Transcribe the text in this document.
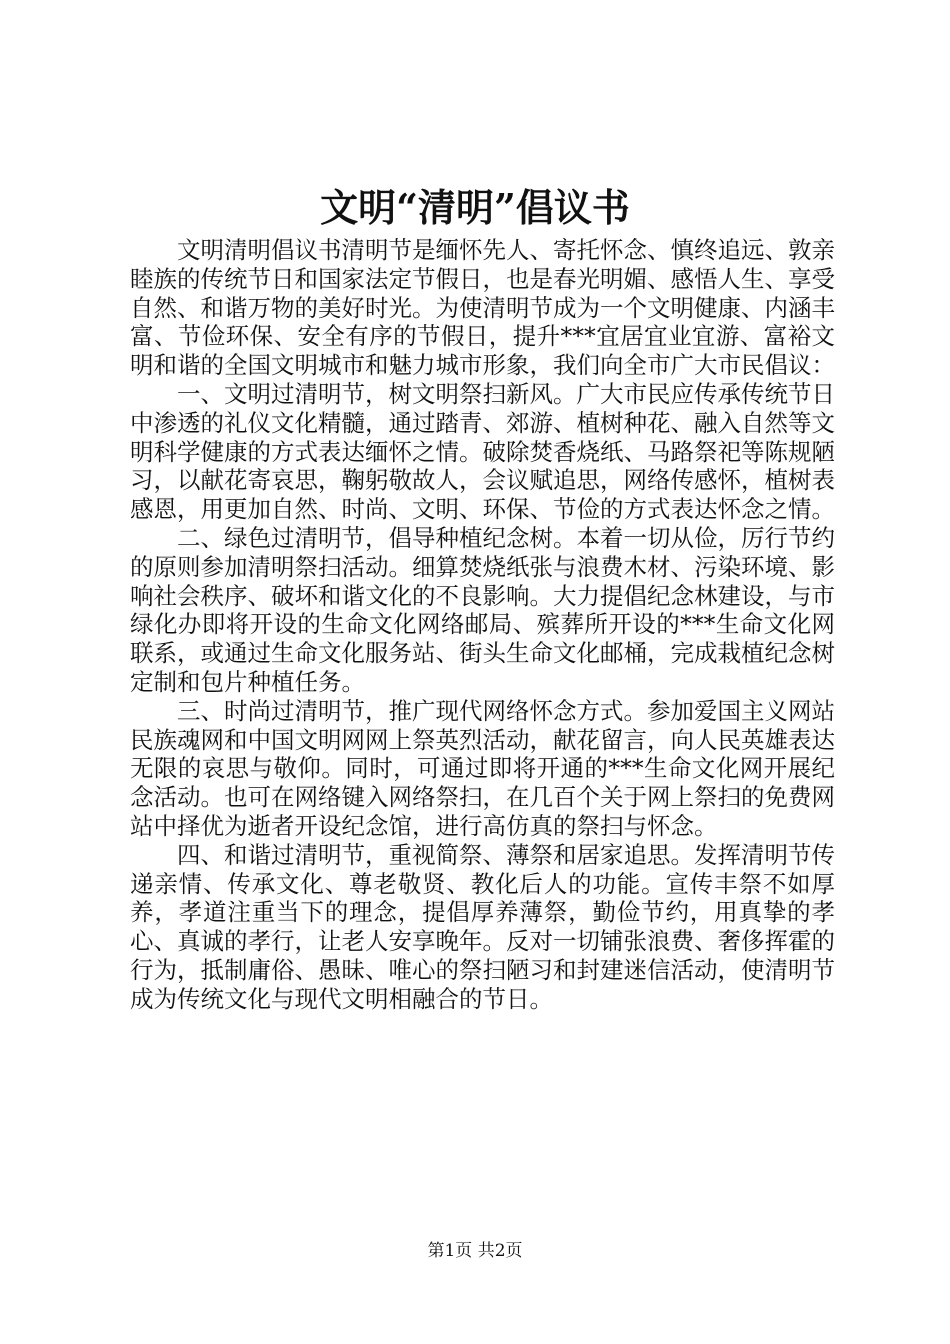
文明“清明”倡议书

文明清明倡议书清明节是缅怀先人、寄托怀念、慎终追远、敦亲睦族的传统节日和国家法定节假日，也是春光明媚、感悟人生、享受自然、和谐万物的美好时光。为使清明节成为一个文明健康、内涵丰富、节俭环保、安全有序的节假日，提升***宜居宜业宜游、富裕文明和谐的全国文明城市和魅力城市形象，我们向全市广大市民倡议：

一、文明过清明节，树文明祭扫新风。广大市民应传承传统节日中渗透的礼仪文化精髓，通过踏青、郊游、植树种花、融入自然等文明科学健康的方式表达缅怀之情。破除焚香烧纸、马路祭祀等陈规陋习，以献花寄哀思，鞠躬敬故人，会议赋追思，网络传感怀，植树表感恩，用更加自然、时尚、文明、环保、节俭的方式表达怀念之情。

二、绿色过清明节，倡导种植纪念树。本着一切从俭，厉行节约的原则参加清明祭扫活动。细算焚烧纸张与浪费木材、污染环境、影响社会秩序、破坏和谐文化的不良影响。大力提倡纪念林建设，与市绿化办即将开设的生命文化网络邮局、殡葬所开设的***生命文化网联系，或通过生命文化服务站、街头生命文化邮桶，完成栽植纪念树定制和包片种植任务。

三、时尚过清明节，推广现代网络怀念方式。参加爱国主义网站民族魂网和中国文明网网上祭英烈活动，献花留言，向人民英雄表达无限的哀思与敬仰。同时，可通过即将开通的***生命文化网开展纪念活动。也可在网络键入网络祭扫，在几百个关于网上祭扫的免费网站中择优为逝者开设纪念馆，进行高仿真的祭扫与怀念。

四、和谐过清明节，重视简祭、薄祭和居家追思。发挥清明节传递亲情、传承文化、尊老敬贤、教化后人的功能。宣传丰祭不如厚养，孝道注重当下的理念，提倡厚养薄祭，勤俭节约，用真挚的孝心、真诚的孝行，让老人安享晚年。反对一切铺张浪费、奢侈挥霍的行为，抵制庸俗、愚昧、唯心的祭扫陋习和封建迷信活动，使清明节成为传统文化与现代文明相融合的节日。

第1页 共2页
